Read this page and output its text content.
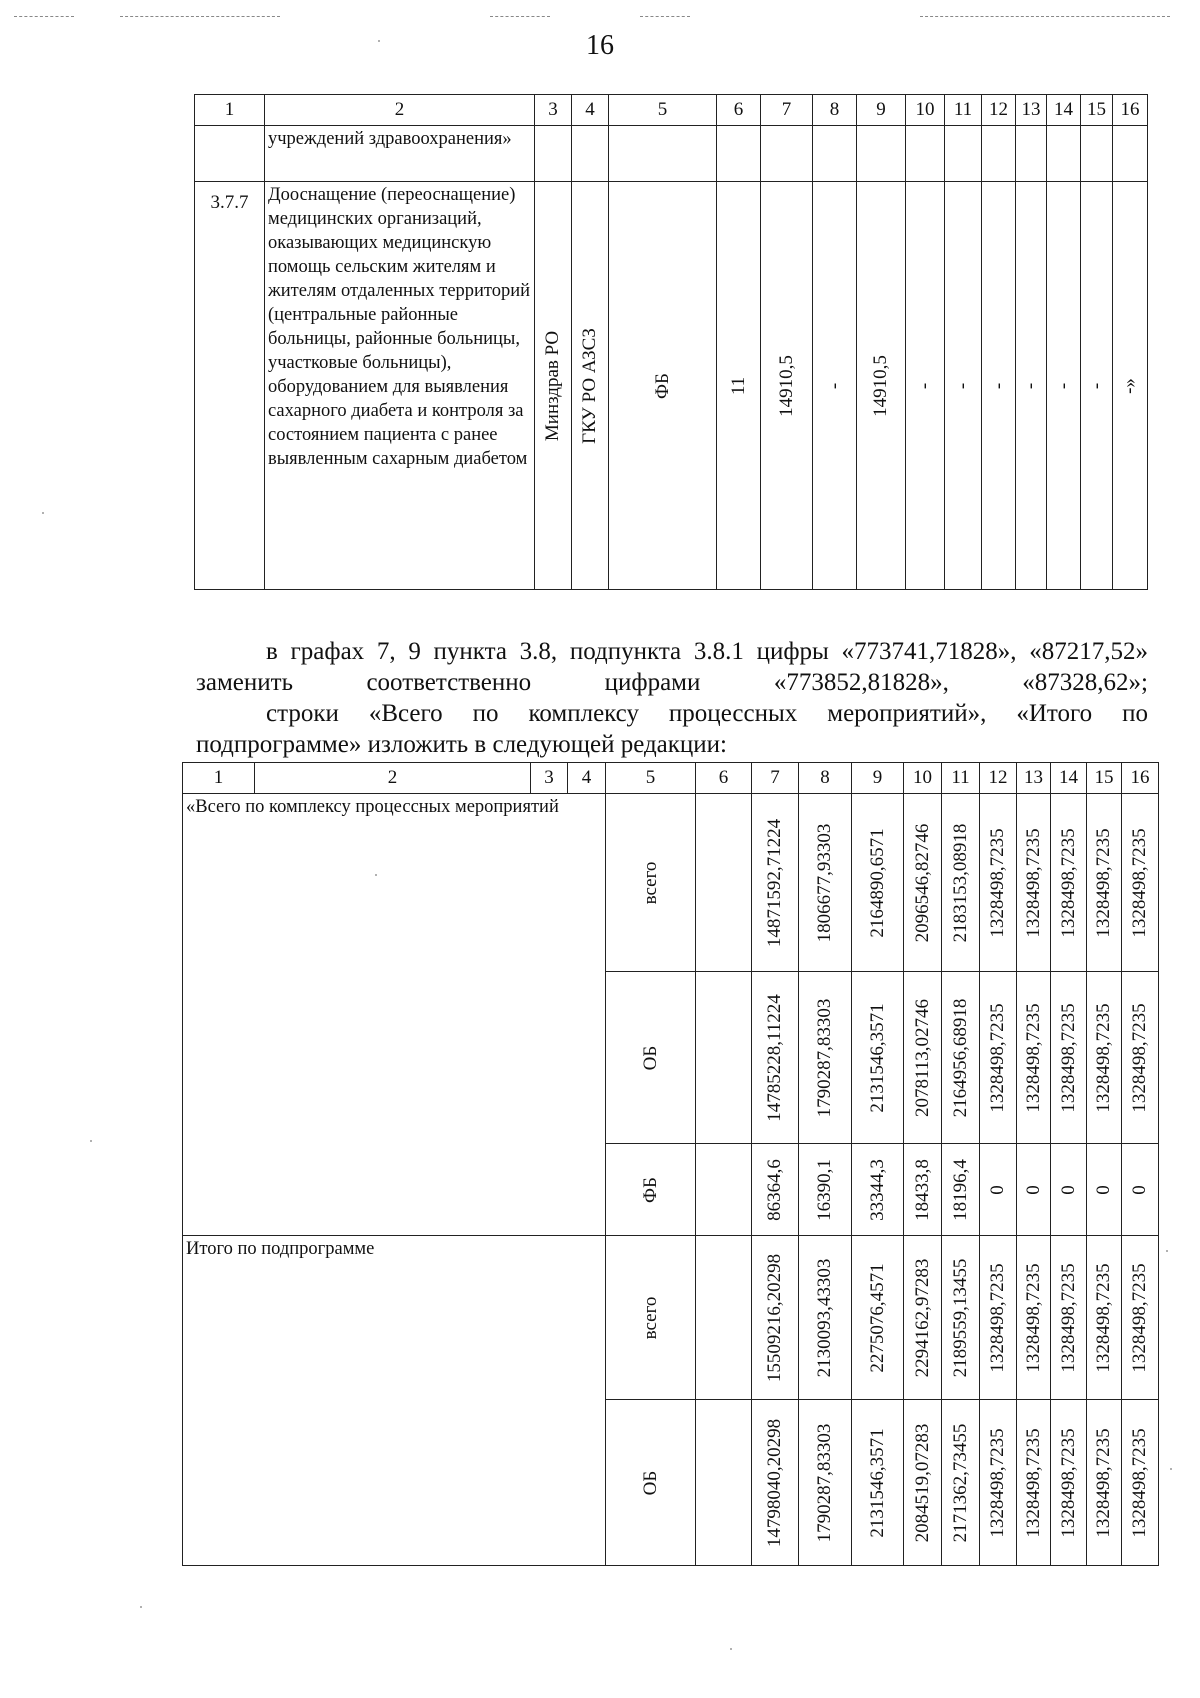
16
1	2	3	4	5	6	7	8	9	10	11	12	13	14	15	16
	учреждений здравоохранения»														
3.7.7	Дооснащение (переоснащение) медицинских организаций, оказывающих медицинскую помощь сельским жителям и жителям отдаленных территорий (центральные районные больницы, районные больницы, участковые больницы), оборудованием для выявления сахарного диабета и контроля за состоянием пациента с ранее выявленным сахарным диабетом	Минздрав РО	ГКУ РО АЗСЗ	ФБ	11	14910,5	-	14910,5	-	-	-	-	-	-	-»
в графах 7, 9 пункта 3.8, подпункта 3.8.1 цифры «773741,71828», «87217,52» заменить соответственно цифрами «773852,81828», «87328,62»;
строки «Всего по комплексу процессных мероприятий», «Итого по подпрограмме» изложить в следующей редакции:
1	2	3	4	5	6	7	8	9	10	11	12	13	14	15	16
«Всего по комплексу процессных мероприятий				всего		14871592,71224	1806677,93303	2164890,6571	2096546,82746	2183153,08918	1328498,7235	1328498,7235	1328498,7235	1328498,7235	1328498,7235

				ОБ		14785228,11224	1790287,83303	2131546,3571	2078113,02746	2164956,68918	1328498,7235	1328498,7235	1328498,7235	1328498,7235	1328498,7235

				ФБ		86364,6	16390,1	33344,3	18433,8	18196,4	0	0	0	0	0

Итого по подпрограмме				всего		15509216,20298	2130093,43303	2275076,4571	2294162,97283	2189559,13455	1328498,7235	1328498,7235	1328498,7235	1328498,7235	1328498,7235

				ОБ		14798040,20298	1790287,83303	2131546,3571	2084519,07283	2171362,73455	1328498,7235	1328498,7235	1328498,7235	1328498,7235	1328498,7235
